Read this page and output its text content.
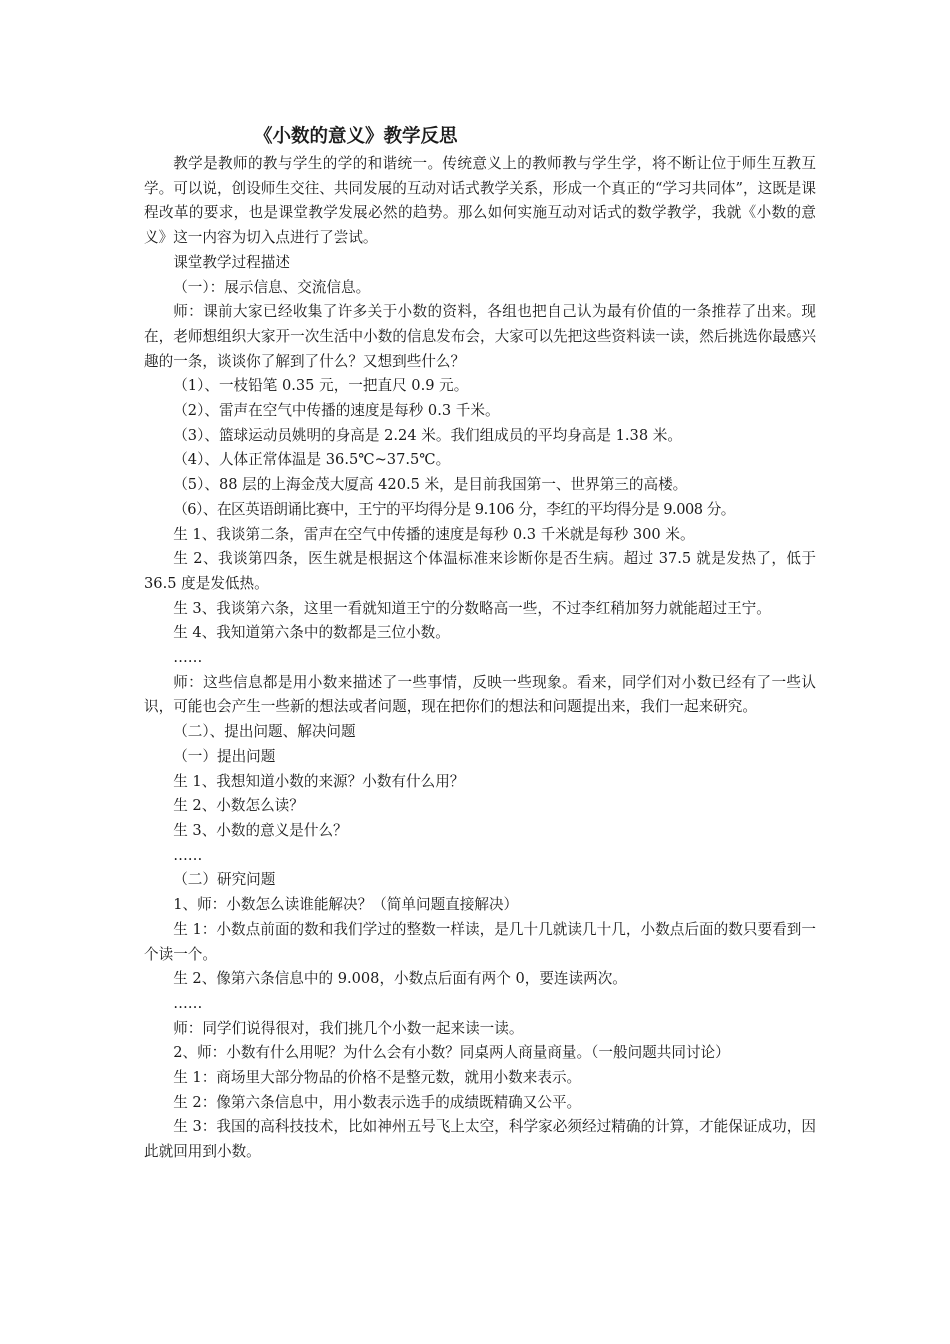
《小数的意义》教学反思

教学是教师的教与学生的学的和谐统一。传统意义上的教师教与学生学，将不断让位于师生互教互学。可以说，创设师生交往、共同发展的互动对话式教学关系，形成一个真正的“学习共同体”，这既是课程改革的要求，也是课堂教学发展必然的趋势。那么如何实施互动对话式的数学教学，我就《小数的意义》这一内容为切入点进行了尝试。

课堂教学过程描述

（一）：展示信息、交流信息。

师：课前大家已经收集了许多关于小数的资料，各组也把自己认为最有价值的一条推荐了出来。现在，老师想组织大家开一次生活中小数的信息发布会，大家可以先把这些资料读一读，然后挑选你最感兴趣的一条，谈谈你了解到了什么？又想到些什么？

（1）、一枝铅笔 0.35 元，一把直尺 0.9 元。

（2）、雷声在空气中传播的速度是每秒 0.3 千米。

（3）、篮球运动员姚明的身高是 2.24 米。我们组成员的平均身高是 1.38 米。

（4）、人体正常体温是 36.5℃~37.5℃。

（5）、88 层的上海金茂大厦高 420.5 米，是目前我国第一、世界第三的高楼。

（6）、在区英语朗诵比赛中，王宁的平均得分是 9.106 分，李红的平均得分是 9.008 分。

生 1、我谈第二条，雷声在空气中传播的速度是每秒 0.3 千米就是每秒 300 米。

生 2、我谈第四条，医生就是根据这个体温标准来诊断你是否生病。超过 37.5 就是发热了，低于 36.5 度是发低热。

生 3、我谈第六条，这里一看就知道王宁的分数略高一些，不过李红稍加努力就能超过王宁。

生 4、我知道第六条中的数都是三位小数。

……

师：这些信息都是用小数来描述了一些事情，反映一些现象。看来，同学们对小数已经有了一些认识，可能也会产生一些新的想法或者问题，现在把你们的想法和问题提出来，我们一起来研究。

（二）、提出问题、解决问题

（一）提出问题

生 1、我想知道小数的来源？小数有什么用？

生 2、小数怎么读？

生 3、小数的意义是什么？

……

（二）研究问题

1、师：小数怎么读谁能解决？（简单问题直接解决）

生 1：小数点前面的数和我们学过的整数一样读，是几十几就读几十几，小数点后面的数只要看到一个读一个。

生 2、像第六条信息中的 9.008，小数点后面有两个 0，要连读两次。

……

师：同学们说得很对，我们挑几个小数一起来读一读。

2、师：小数有什么用呢？为什么会有小数？同桌两人商量商量。（一般问题共同讨论）

生 1：商场里大部分物品的价格不是整元数，就用小数来表示。

生 2：像第六条信息中，用小数表示选手的成绩既精确又公平。

生 3：我国的高科技技术，比如神州五号飞上太空，科学家必须经过精确的计算，才能保证成功，因此就回用到小数。
